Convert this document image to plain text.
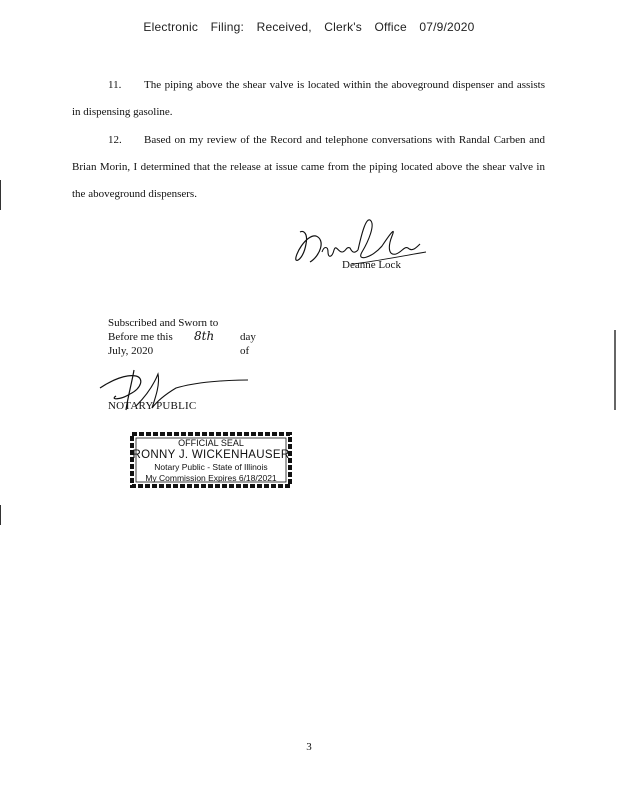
Electronic Filing: Received, Clerk's Office 07/9/2020
11. The piping above the shear valve is located within the aboveground dispenser and assists in dispensing gasoline.
12. Based on my review of the Record and telephone conversations with Randal Carben and Brian Morin, I determined that the release at issue came from the piping located above the shear valve in the aboveground dispensers.
Deanne Lock
Subscribed and Sworn to
Before me this	8th day of
July, 2020
NOTARY PUBLIC
OFFICIAL SEAL
RONNY J. WICKENHAUSER
Notary Public - State of Illinois
My Commission Expires 6/18/2021
3
